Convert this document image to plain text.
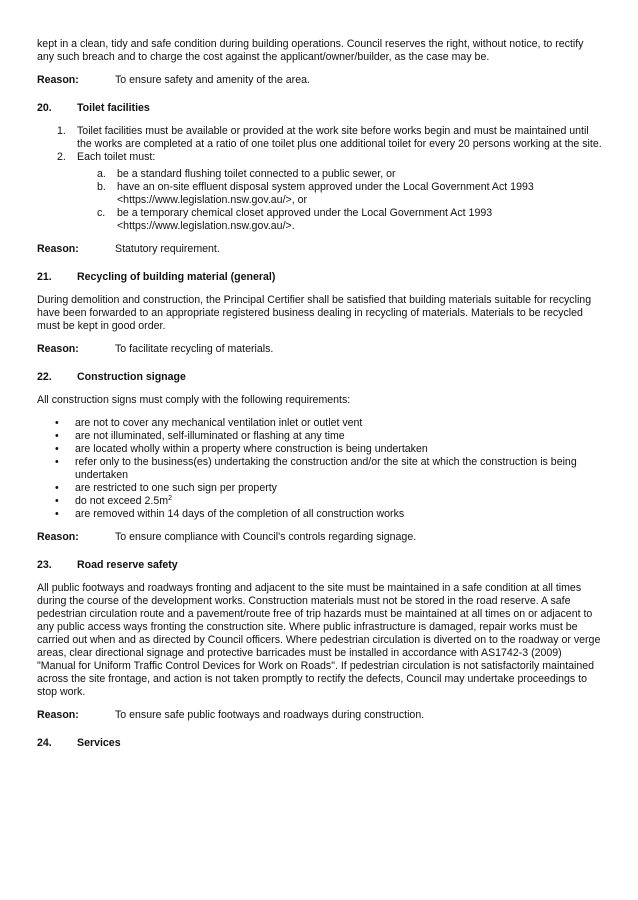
kept in a clean, tidy and safe condition during building operations. Council reserves the right, without notice, to rectify any such breach and to charge the cost against the applicant/owner/builder, as the case may be.

Reason:	To ensure safety and amenity of the area.
20.	Toilet facilities
1.	Toilet facilities must be available or provided at the work site before works begin and must be maintained until the works are completed at a ratio of one toilet plus one additional toilet for every 20 persons working at the site.
2.	Each toilet must:
a.	be a standard flushing toilet connected to a public sewer, or
b.	have an on-site effluent disposal system approved under the Local Government Act 1993 <https://www.legislation.nsw.gov.au/>, or
c.	be a temporary chemical closet approved under the Local Government Act 1993 <https://www.legislation.nsw.gov.au/>.
Reason:	Statutory requirement.
21.	Recycling of building material (general)

During demolition and construction, the Principal Certifier shall be satisfied that building materials suitable for recycling have been forwarded to an appropriate registered business dealing in recycling of materials. Materials to be recycled must be kept in good order.

Reason:	To facilitate recycling of materials.
22.	Construction signage

All construction signs must comply with the following requirements:

•	are not to cover any mechanical ventilation inlet or outlet vent
•	are not illuminated, self-illuminated or flashing at any time
•	are located wholly within a property where construction is being undertaken
•	refer only to the business(es) undertaking the construction and/or the site at which the construction is being undertaken
•	are restricted to one such sign per property
•	do not exceed $2.5m^2$
•	are removed within 14 days of the completion of all construction works
Reason:	To ensure compliance with Council's controls regarding signage.
23.	Road reserve safety

All public footways and roadways fronting and adjacent to the site must be maintained in a safe condition at all times during the course of the development works. Construction materials must not be stored in the road reserve. A safe pedestrian circulation route and a pavement/route free of trip hazards must be maintained at all times on or adjacent to any public access ways fronting the construction site. Where public infrastructure is damaged, repair works must be carried out when and as directed by Council officers. Where pedestrian circulation is diverted on to the roadway or verge areas, clear directional signage and protective barricades must be installed in accordance with AS1742-3 (2009) "Manual for Uniform Traffic Control Devices for Work on Roads". If pedestrian circulation is not satisfactorily maintained across the site frontage, and action is not taken promptly to rectify the defects, Council may undertake proceedings to stop work.

Reason:	To ensure safe public footways and roadways during construction.
24.	Services
